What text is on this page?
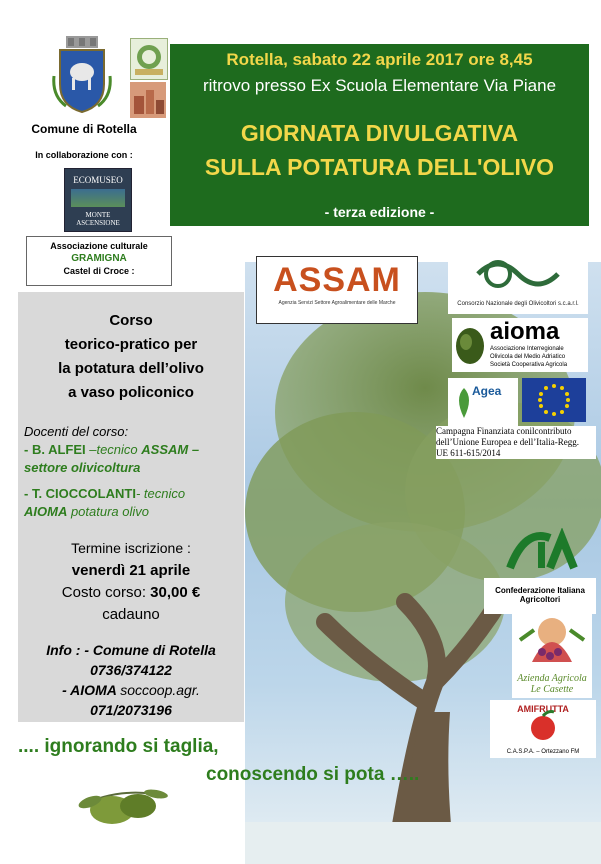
Comune di Rotella
In collaborazione con :
ECOMUSEO
MONTE
ASCENSIONE
Associazione culturale
GRAMIGNA
Castel di Croce :
Rotella, sabato 22 aprile 2017 ore 8,45
ritrovo presso Ex Scuola Elementare Via Piane
GIORNATA DIVULGATIVA
SULLA POTATURA DELL'OLIVO
- terza edizione -
Corso
teorico-pratico per
la potatura dell’olivo
a vaso policonico
Docenti del corso:
- B. ALFEI –tecnico ASSAM –
settore olivicoltura
- T. CIOCCOLANTI- tecnico
AIOMA potatura olivo
Termine iscrizione :
venerdì 21 aprile
Costo corso: 30,00 €
cadauno
Info : - Comune di Rotella
0736/374122
- AIOMA soccoop.agr.
071/2073196
.... ignorando si taglia,
conoscendo si pota …..
ASSAM
Agenzia Servizi Settore Agroalimentare delle Marche	Consorzio Nazionale degli Olivicoltori s.c.a.r.l.
aioma
Associazione Interregionale
Olivicola del Medio Adriatico
Società Cooperativa Agricola
Agea
Campagna Finanziata conilcontributo
dell’Unione Europea e dell’Italia-Regg.
UE 611-615/2014
Confederazione Italiana
Agricoltori
Azienda Agricola
Le Casette
AMIFRUTTA
C.A.S.P.A. – Ortezzano FM
